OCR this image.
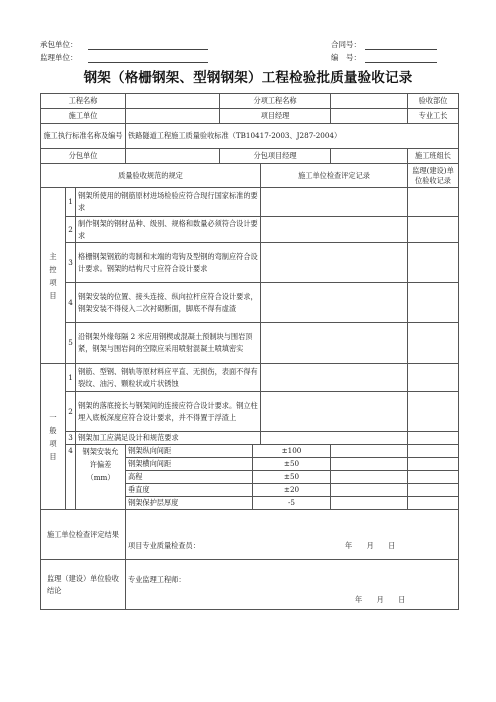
承包单位：
监理单位：
合同号：
编　号：
钢架（格栅钢架、型钢钢架）工程检验批质量验收记录
工程名称				分项工程名称				验收部位
施工单位				项目经理				专业工长
施工执行标准名称及编号			铁路隧道工程施工质量验收标准（TB10417-2003、J287-2004）					
分包单位				分包项目经理				施工班组长
质量验收规范的规定						施工单位检查评定记录		监理(建设)单位验收记录
主控项目	1	钢架所使用的钢筋原材进场检验应符合现行国家标准的要求						
	2	制作钢架的钢材品种、级别、规格和数量必须符合设计要求						
	3	格栅钢架钢筋的弯制和末端的弯钩及型钢的弯制应符合设计要求。钢架的结构尺寸应符合设计要求						
	4	钢架安装的位置、接头连接、纵向拉杆应符合设计要求，钢架安装不得侵入二次衬砌断面，脚底不得有虚渣						
	5	沿钢架外缘每隔 2 米应用钢楔或混凝土预制块与围岩顶紧，钢架与围岩间的空隙应采用喷射混凝土喷填密实						
一般项目	1	钢筋、型钢、钢轨等原材料应平直、无损伤，表面不得有裂纹、油污、颗粒状或片状锈蚀						
	2	钢架的落底接长与钢架间的连接应符合设计要求。钢立柱埋入底板深度应符合设计要求，并不得置于浮渣上						
	3	钢架加工应满足设计和规范要求						
	4	钢架安装允许偏差（mm）	钢架纵向间距		±100			
			钢架横向间距		±50			
			高程		±50			
			垂直度		±20			
			钢架保护层厚度		-5			
施工单位检查评定结果			项目专业质量检查员： 年　　月　　日					

监理（建设）单位验收结论			专业监理工程师：
年　　月　　日					
